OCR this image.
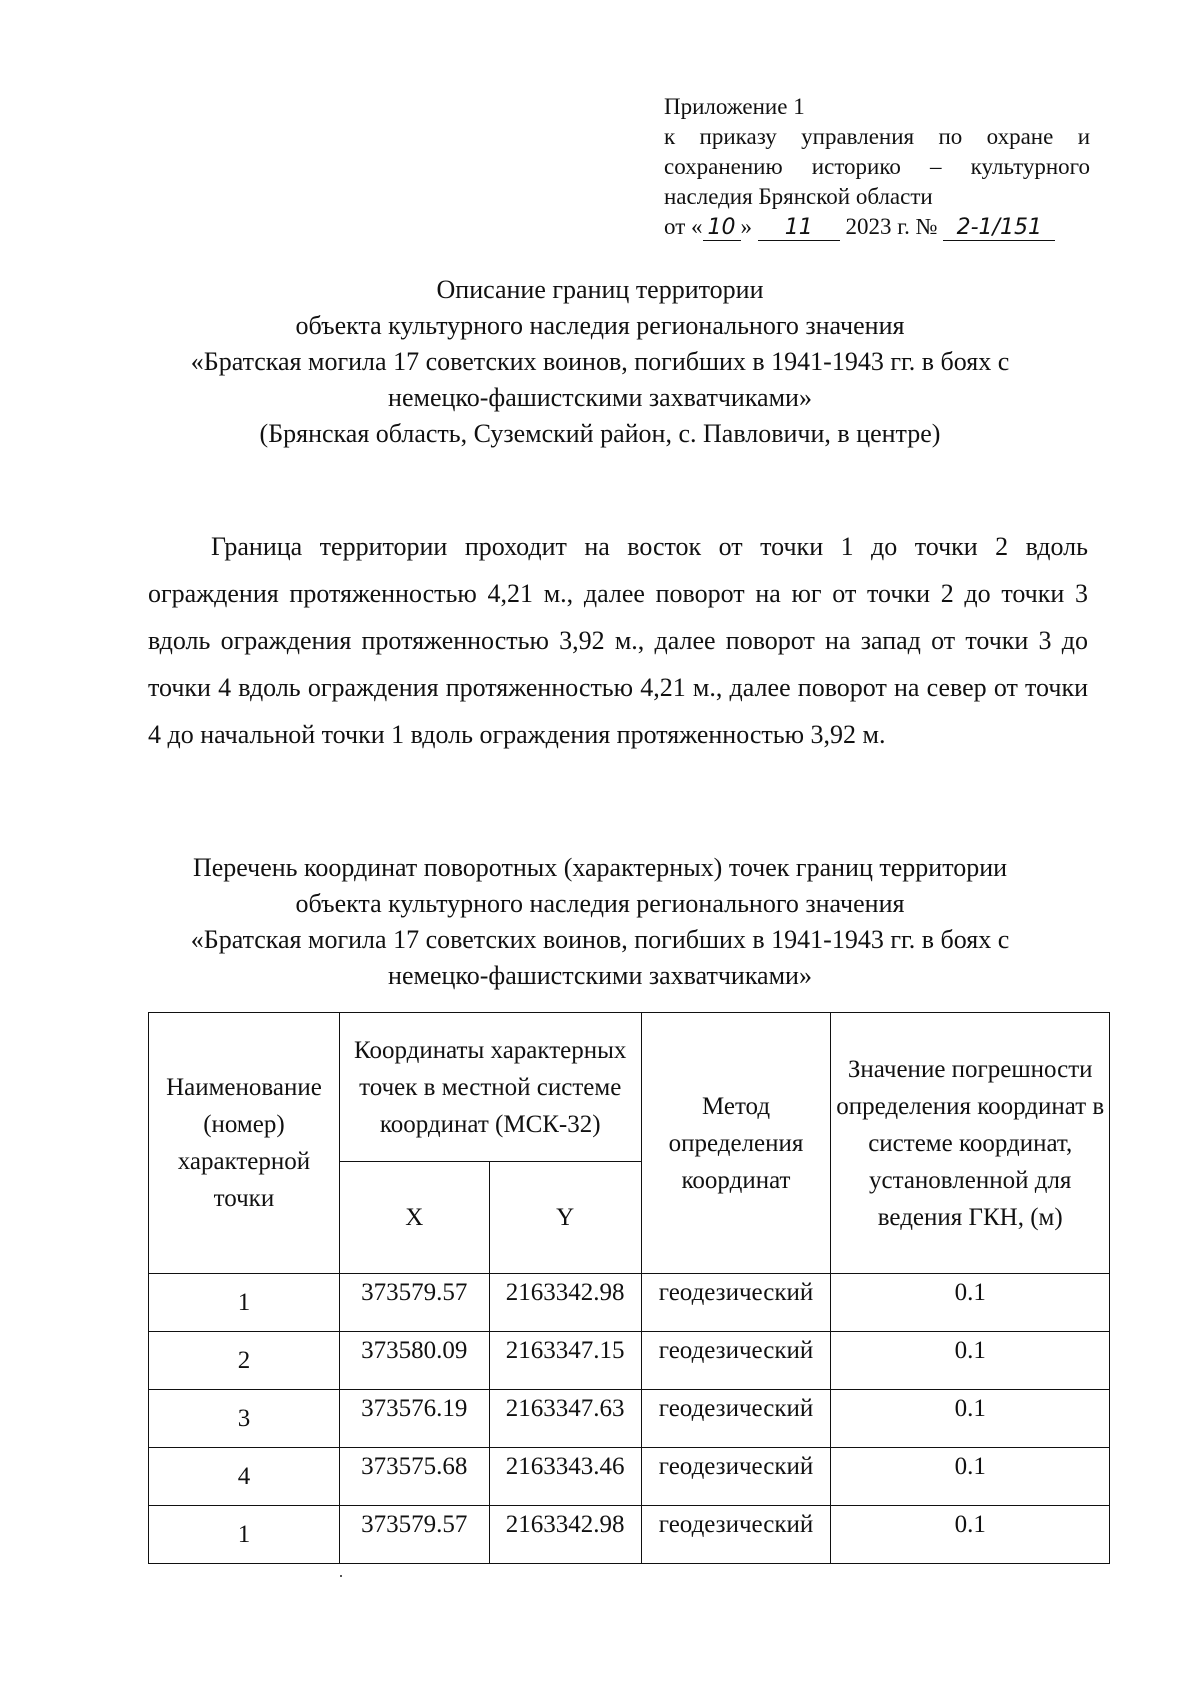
Приложение 1
к приказу управления по охране и
сохранению историко – культурного
наследия Брянской области
от « 10 » 11 2023 г. № 2-1/151
Описание границ территории
объекта культурного наследия регионального значения
«Братская могила 17 советских воинов, погибших в 1941-1943 гг. в боях с
немецко-фашистскими захватчиками»
(Брянская область, Суземский район, с. Павловичи, в центре)

Граница территории проходит на восток от точки 1 до точки 2 вдоль ограждения протяженностью 4,21 м., далее поворот на юг от точки 2 до точки 3 вдоль ограждения протяженностью 3,92 м., далее поворот на запад от точки 3 до точки 4 вдоль ограждения протяженностью 4,21 м., далее поворот на север от точки 4 до начальной точки 1 вдоль ограждения протяженностью 3,92 м.

Перечень координат поворотных (характерных) точек границ территории
объекта культурного наследия регионального значения
«Братская могила 17 советских воинов, погибших в 1941-1943 гг. в боях с
немецко-фашистскими захватчиками»
Наименование (номер) характерной точки	Координаты характерных точек в местной системе координат (МСК-32)		Метод определения координат	Значение погрешности определения координат в системе координат, установленной для ведения ГКН, (м)
	X	Y		
1	373579.57	2163342.98	геодезический	0.1
2	373580.09	2163347.15	геодезический	0.1
3	373576.19	2163347.63	геодезический	0.1
4	373575.68	2163343.46	геодезический	0.1
1	373579.57	2163342.98	геодезический	0.1
